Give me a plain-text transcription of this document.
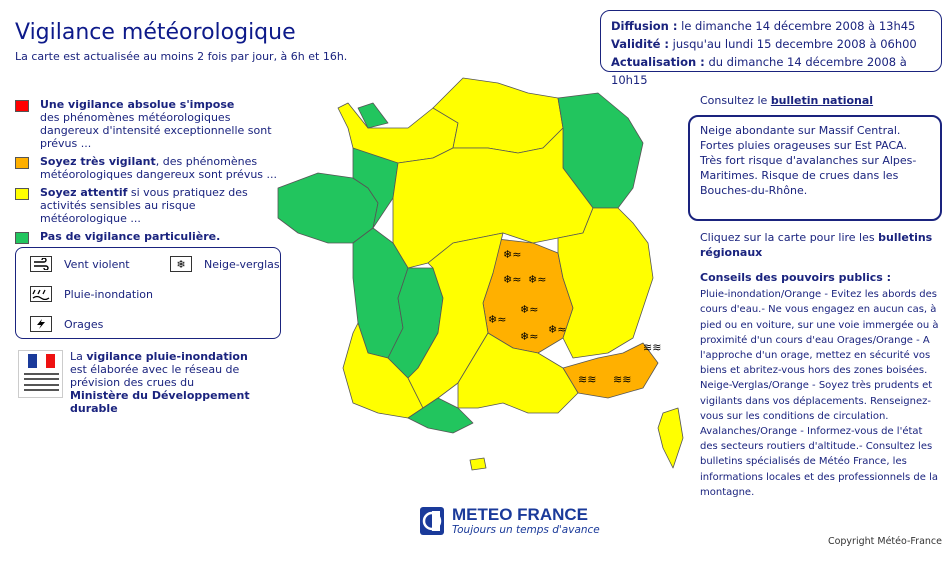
Vigilance météorologique
La carte est actualisée au moins 2 fois par jour, à 6h et 16h.
Diffusion : le dimanche 14 décembre 2008 à 13h45
Validité : jusqu'au lundi 15 decembre 2008 à 06h00
Actualisation : du dimanche 14 décembre 2008 à 10h15
Une vigilance absolue s'impose
des phénomènes météorologiques dangereux d'intensité exceptionnelle sont prévus ...
Soyez très vigilant, des phénomènes météorologiques dangereux sont prévus ...
Soyez attentif si vous pratiquez des activités sensibles au risque météorologique ...
Pas de vigilance particulière.
Vent violent	❄	Neige-verglas
Pluie-inondation
Orages
La vigilance pluie-inondation
est élaborée avec le réseau de prévision des crues du
Ministère du Développement durable
❄≈
❄≈ ❄≈
❄≈
❄≈
❄≈
❄≈
≋≋ ≋≋
≋≋
Consultez le bulletin national
Neige abondante sur Massif Central. Fortes pluies orageuses sur Est PACA. Très fort risque d'avalanches sur Alpes-Maritimes. Risque de crues dans les Bouches-du-Rhône.
Cliquez sur la carte pour lire les bulletins régionaux
Conseils des pouvoirs publics :
Pluie-inondation/Orange - Evitez les abords des cours d'eau.- Ne vous engagez en aucun cas, à pied ou en voiture, sur une voie immergée ou à proximité d'un cours d'eau Orages/Orange - A l'approche d'un orage, mettez en sécurité vos biens et abritez-vous hors des zones boisées. Neige-Verglas/Orange - Soyez très prudents et vigilants dans vos déplacements. Renseignez-vous sur les conditions de circulation. Avalanches/Orange - Informez-vous de l'état des secteurs routiers d'altitude.- Consultez les bulletins spécialisés de Météo France, les informations locales et des professionnels de la montagne.
METEO FRANCE
Toujours un temps d'avance
Copyright Météo-France
